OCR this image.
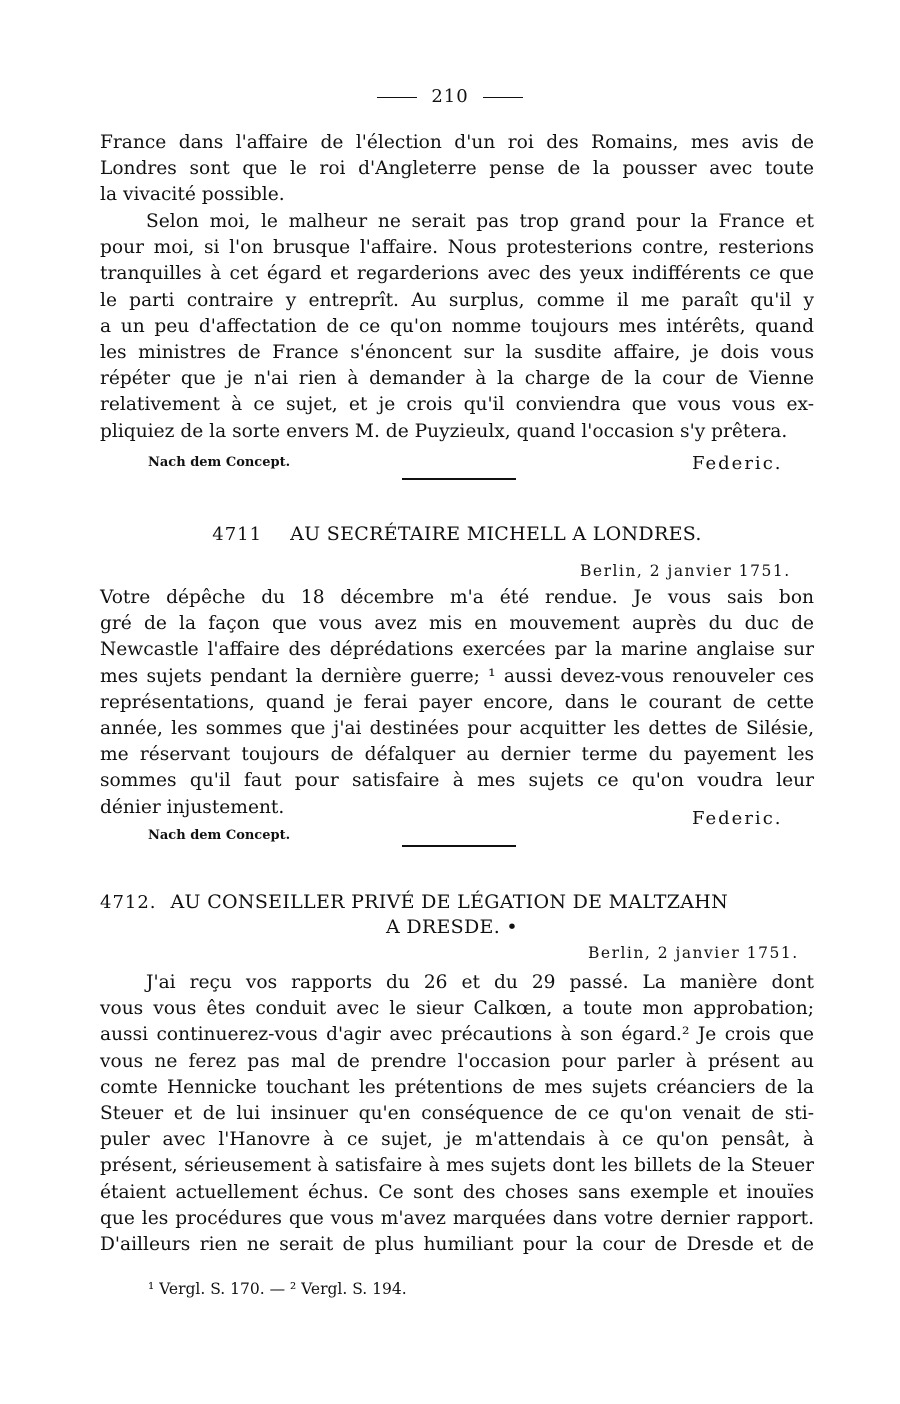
210
France dans l'affaire de l'élection d'un roi des Romains, mes avis de
Londres sont que le roi d'Angleterre pense de la pousser avec toute
la vivacité possible.
Selon moi, le malheur ne serait pas trop grand pour la France et
pour moi, si l'on brusque l'affaire. Nous protesterions contre, resterions
tranquilles à cet égard et regarderions avec des yeux indifférents ce que
le parti contraire y entreprît. Au surplus, comme il me paraît qu'il y
a un peu d'affectation de ce qu'on nomme toujours mes intérêts, quand
les ministres de France s'énoncent sur la susdite affaire, je dois vous
répéter que je n'ai rien à demander à la charge de la cour de Vienne
relativement à ce sujet, et je crois qu'il conviendra que vous vous ex-
pliquiez de la sorte envers M. de Puyzieulx, quand l'occasion s'y prêtera.
Nach dem Concept.	Federic.
4711 AU SECRÉTAIRE MICHELL A LONDRES.
Berlin, 2 janvier 1751.
Votre dépêche du 18 décembre m'a été rendue. Je vous sais bon
gré de la façon que vous avez mis en mouvement auprès du duc de
Newcastle l'affaire des déprédations exercées par la marine anglaise sur
mes sujets pendant la dernière guerre; ¹ aussi devez-vous renouveler ces
représentations, quand je ferai payer encore, dans le courant de cette
année, les sommes que j'ai destinées pour acquitter les dettes de Silésie,
me réservant toujours de défalquer au dernier terme du payement les
sommes qu'il faut pour satisfaire à mes sujets ce qu'on voudra leur
dénier injustement.
Federic.
Nach dem Concept.
4712. AU CONSEILLER PRIVÉ DE LÉGATION DE MALTZAHN
A DRESDE. •
Berlin, 2 janvier 1751.
J'ai reçu vos rapports du 26 et du 29 passé. La manière dont
vous vous êtes conduit avec le sieur Calkœn, a toute mon approbation;
aussi continuerez-vous d'agir avec précautions à son égard.² Je crois que
vous ne ferez pas mal de prendre l'occasion pour parler à présent au
comte Hennicke touchant les prétentions de mes sujets créanciers de la
Steuer et de lui insinuer qu'en conséquence de ce qu'on venait de sti-
puler avec l'Hanovre à ce sujet, je m'attendais à ce qu'on pensât, à
présent, sérieusement à satisfaire à mes sujets dont les billets de la Steuer
étaient actuellement échus. Ce sont des choses sans exemple et inouïes
que les procédures que vous m'avez marquées dans votre dernier rapport.
D'ailleurs rien ne serait de plus humiliant pour la cour de Dresde et de
¹ Vergl. S. 170. — ² Vergl. S. 194.
